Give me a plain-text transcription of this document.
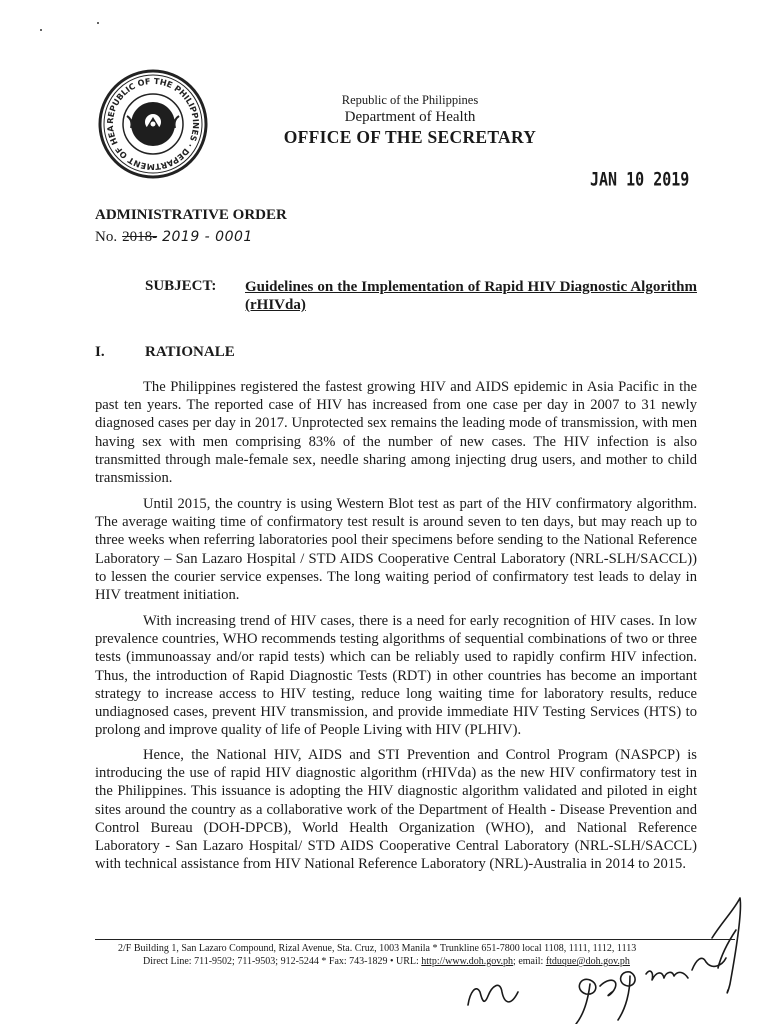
REPUBLIC OF THE PHILIPPINES · DEPARTMENT OF HEA
Republic of the Philippines
Department of Health
OFFICE OF THE SECRETARY
JAN 10 2019
ADMINISTRATIVE ORDER
No. 2018- 2019 - 0001
SUBJECT: Guidelines on the Implementation of Rapid HIV Diagnostic Algorithm (rHIVda)
I.	RATIONALE
The Philippines registered the fastest growing HIV and AIDS epidemic in Asia Pacific in the past ten years. The reported case of HIV has increased from one case per day in 2007 to 31 newly diagnosed cases per day in 2017. Unprotected sex remains the leading mode of transmission, with men having sex with men comprising 83% of the number of new cases. The HIV infection is also transmitted through male-female sex, needle sharing among injecting drug users, and mother to child transmission.
Until 2015, the country is using Western Blot test as part of the HIV confirmatory algorithm. The average waiting time of confirmatory test result is around seven to ten days, but may reach up to three weeks when referring laboratories pool their specimens before sending to the National Reference Laboratory – San Lazaro Hospital / STD AIDS Cooperative Central Laboratory (NRL-SLH/SACCL)) to lessen the courier service expenses. The long waiting period of confirmatory test leads to delay in HIV treatment initiation.
With increasing trend of HIV cases, there is a need for early recognition of HIV cases. In low prevalence countries, WHO recommends testing algorithms of sequential combinations of two or three tests (immunoassay and/or rapid tests) which can be reliably used to rapidly confirm HIV infection. Thus, the introduction of Rapid Diagnostic Tests (RDT) in other countries has become an important strategy to increase access to HIV testing, reduce long waiting time for laboratory results, reduce undiagnosed cases, prevent HIV transmission, and provide immediate HIV Testing Services (HTS) to prolong and improve quality of life of People Living with HIV (PLHIV).
Hence, the National HIV, AIDS and STI Prevention and Control Program (NASPCP) is introducing the use of rapid HIV diagnostic algorithm (rHIVda) as the new HIV confirmatory test in the Philippines. This issuance is adopting the HIV diagnostic algorithm validated and piloted in eight sites around the country as a collaborative work of the Department of Health - Disease Prevention and Control Bureau (DOH-DPCB), World Health Organization (WHO), and National Reference Laboratory - San Lazaro Hospital/ STD AIDS Cooperative Central Laboratory (NRL-SLH/SACCL) with technical assistance from HIV National Reference Laboratory (NRL)-Australia in 2014 to 2015.
2/F Building 1, San Lazaro Compound, Rizal Avenue, Sta. Cruz, 1003 Manila * Trunkline 651-7800 local 1108, 1111, 1112, 1113
Direct Line: 711-9502; 711-9503; 912-5244 * Fax: 743-1829 • URL: http://www.doh.gov.ph; email: ftduque@doh.gov.ph
